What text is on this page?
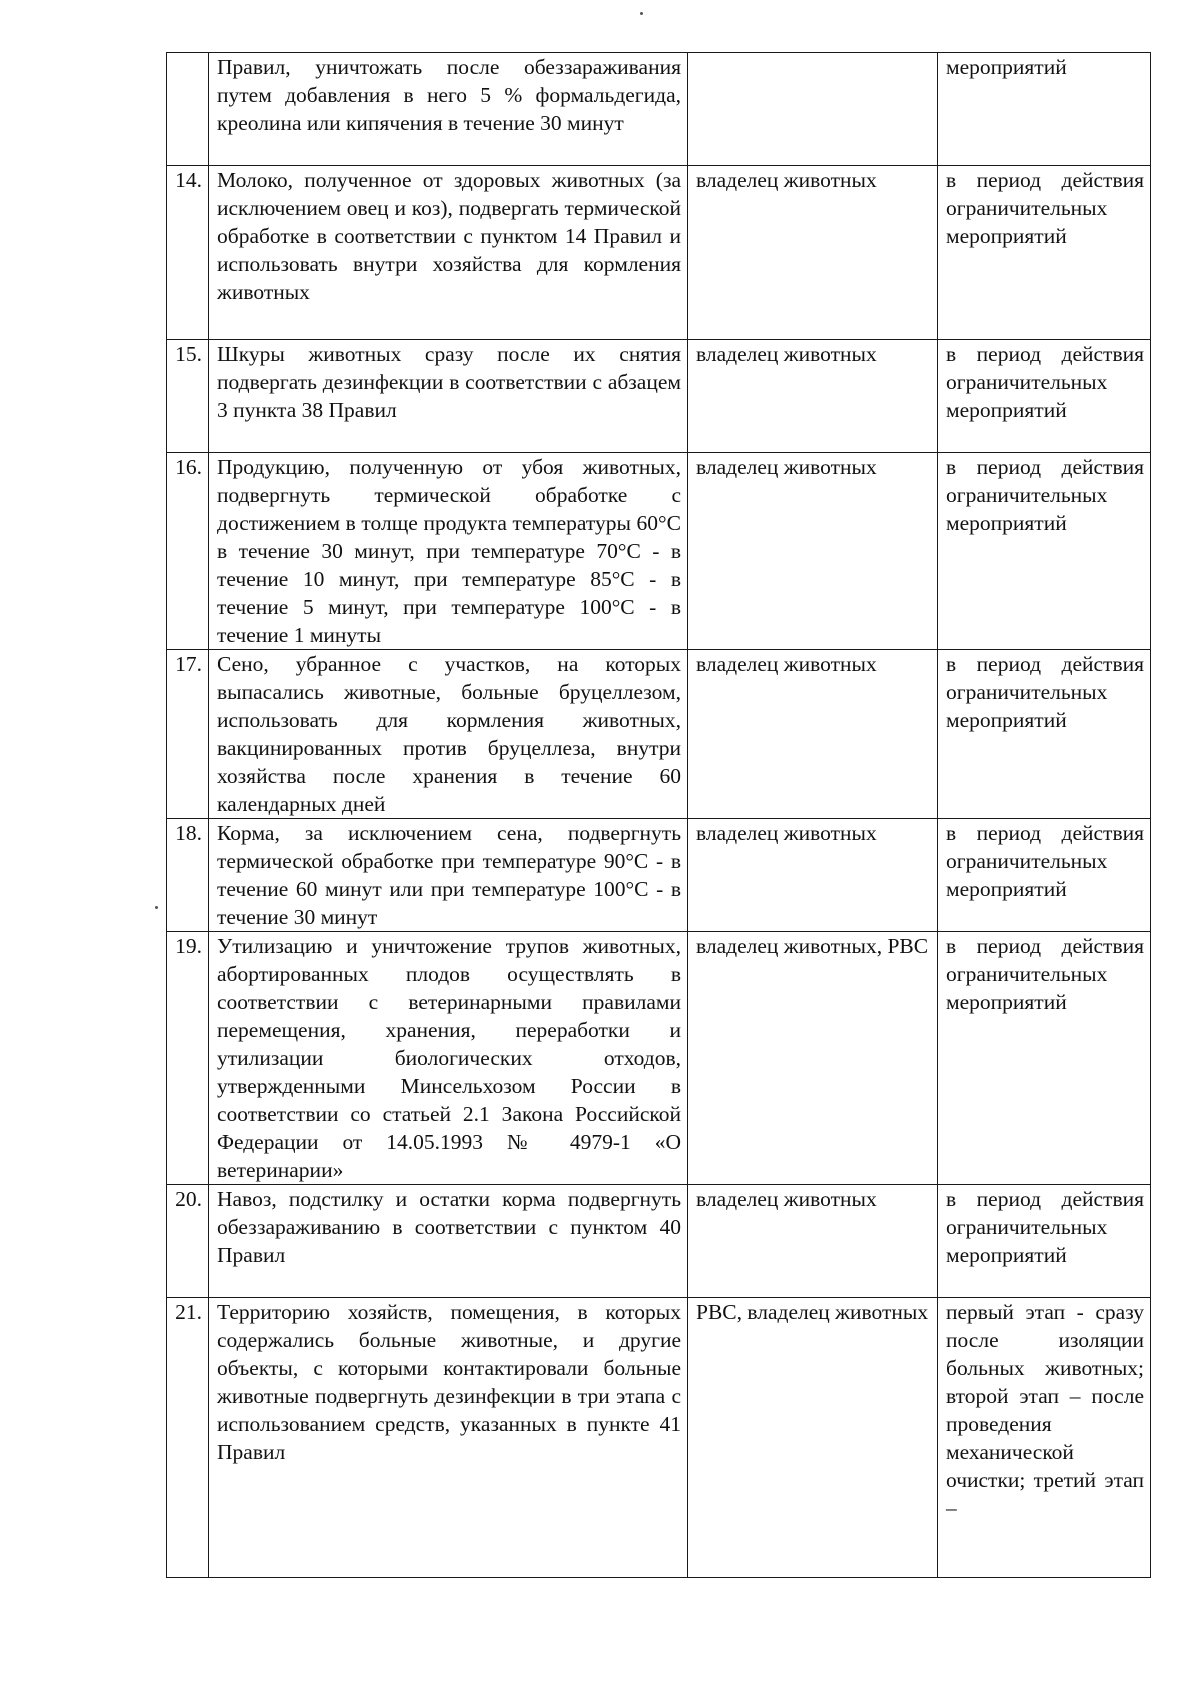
	Правил, уничтожать после обеззараживания путем добавления в него 5 % формальдегида, креолина или кипячения в течение 30 минут		мероприятий
14.	Молоко, полученное от здоровых животных (за исключением овец и коз), подвергать термической обработке в соответствии с пунктом 14 Правил и использовать внутри хозяйства для кормления животных	владелец животных	в период действия ограничительных мероприятий
15.	Шкуры животных сразу после их снятия подвергать дезинфекции в соответствии с абзацем 3 пункта 38 Правил	владелец животных	в период действия ограничительных мероприятий
16.	Продукцию, полученную от убоя животных, подвергнуть термической обработке с достижением в толще продукта температуры 60°С в течение 30 минут, при температуре 70°С - в течение 10 минут, при температуре 85°С - в течение 5 минут, при температуре 100°С - в течение 1 минуты	владелец животных	в период действия ограничительных мероприятий
17.	Сено, убранное с участков, на которых выпасались животные, больные бруцеллезом, использовать для кормления животных, вакцинированных против бруцеллеза, внутри хозяйства после хранения в течение 60 календарных дней	владелец животных	в период действия ограничительных мероприятий
18.	Корма, за исключением сена, подвергнуть термической обработке при температуре 90°С - в течение 60 минут или при температуре 100°С - в течение 30 минут	владелец животных	в период действия ограничительных мероприятий
19.	Утилизацию и уничтожение трупов животных, абортированных плодов осуществлять в соответствии с ветеринарными правилами перемещения, хранения, переработки и утилизации биологических отходов, утвержденными Минсельхозом России в соответствии со статьей 2.1 Закона Российской Федерации от 14.05.1993 № 4979-1 «О ветеринарии»	владелец животных, РВС	в период действия ограничительных мероприятий
20.	Навоз, подстилку и остатки корма подвергнуть обеззараживанию в соответствии с пунктом 40 Правил	владелец животных	в период действия ограничительных мероприятий
21.	Территорию хозяйств, помещения, в которых содержались больные животные, и другие объекты, с которыми контактировали больные животные подвергнуть дезинфекции в три этапа с использованием средств, указанных в пункте 41 Правил	РВС, владелец животных	первый этап - сразу после изоляции больных животных; второй этап – после проведения механической очистки; третий этап –
